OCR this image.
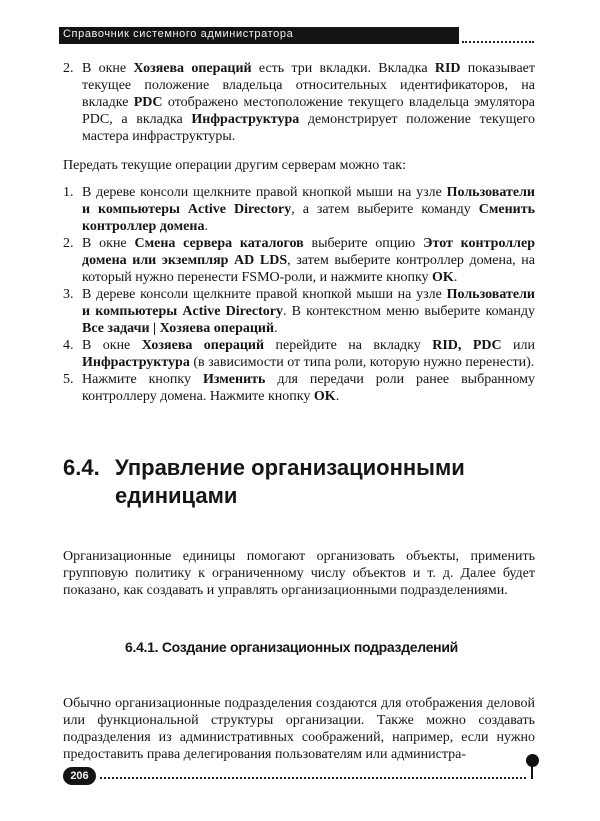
Справочник системного администратора
2. В окне Хозяева операций есть три вкладки. Вкладка RID показывает текущее положение владельца относительных идентификаторов, на вкладке PDC отображено местоположение текущего владельца эмулятора PDC, а вкладка Инфраструктура демонстрирует положение текущего мастера инфраструктуры.

Передать текущие операции другим серверам можно так:

1. В дереве консоли щелкните правой кнопкой мыши на узле Пользователи и компьютеры Active Directory, а затем выберите команду Сменить контроллер домена.
2. В окне Смена сервера каталогов выберите опцию Этот контроллер домена или экземпляр AD LDS, затем выберите контроллер домена, на который нужно перенести FSMO-роли, и нажмите кнопку OK.
3. В дереве консоли щелкните правой кнопкой мыши на узле Пользователи и компьютеры Active Directory. В контекстном меню выберите команду Все задачи | Хозяева операций.
4. В окне Хозяева операций перейдите на вкладку RID, PDC или Инфраструктура (в зависимости от типа роли, которую нужно перенести).
5. Нажмите кнопку Изменить для передачи роли ранее выбранному контроллеру домена. Нажмите кнопку OK.
6.4. Управление организационными единицами

Организационные единицы помогают организовать объекты, применить групповую политику к ограниченному числу объектов и т. д. Далее будет показано, как создавать и управлять организационными подразделениями.

6.4.1. Создание организационных подразделений

Обычно организационные подразделения создаются для отображения деловой или функциональной структуры организации. Также можно создавать подразделения из административных соображений, например, если нужно предоставить права делегирования пользователям или администра-

206
